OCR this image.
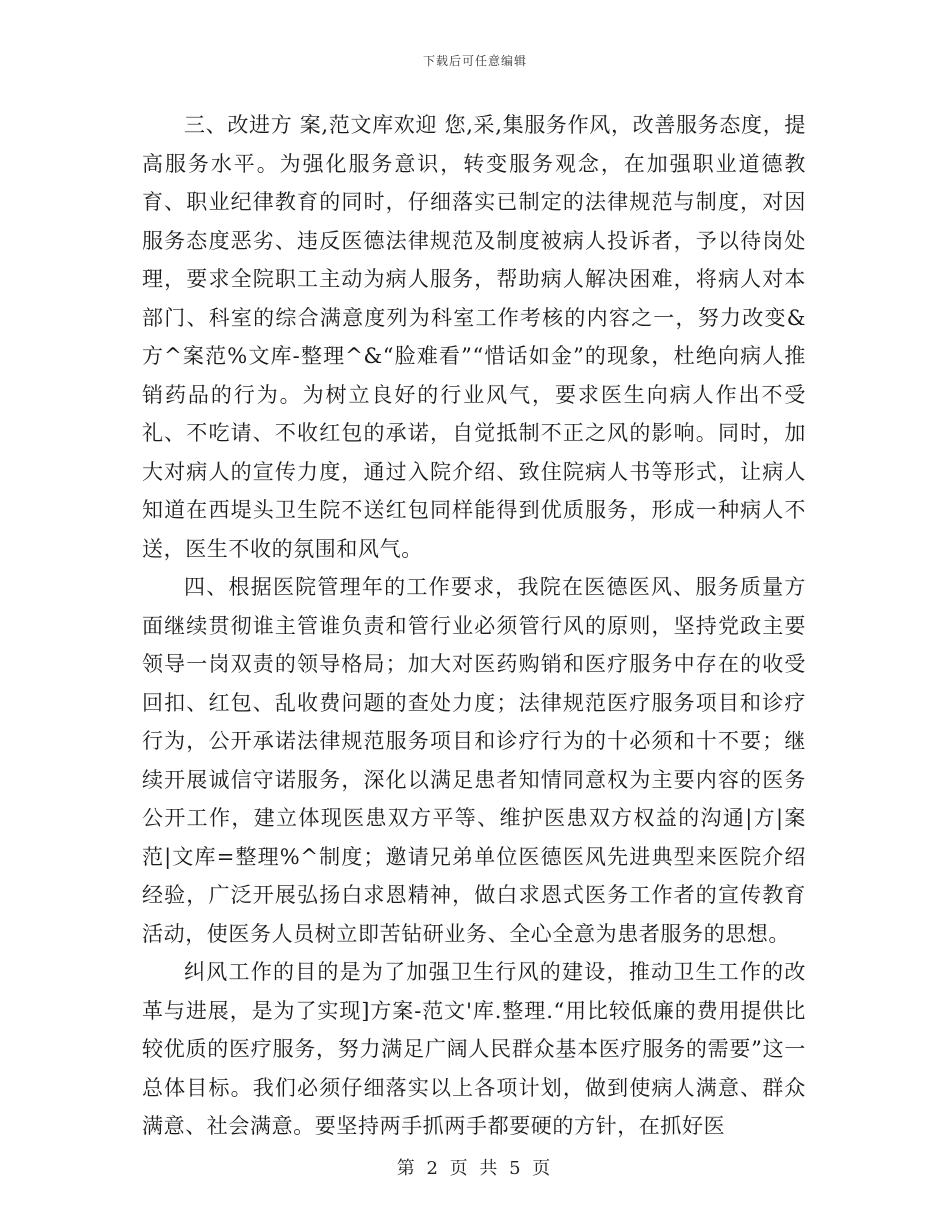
下载后可任意编辑

三、改进方 案,范文库欢迎 您,采,集服务作风，改善服务态度，提高服务水平。为强化服务意识，转变服务观念，在加强职业道德教育、职业纪律教育的同时，仔细落实已制定的法律规范与制度，对因服务态度恶劣、违反医德法律规范及制度被病人投诉者，予以待岗处理，要求全院职工主动为病人服务，帮助病人解决困难，将病人对本部门、科室的综合满意度列为科室工作考核的内容之一，努力改变&方^案范%文库-整理^&“脸难看”“惜话如金”的现象，杜绝向病人推销药品的行为。为树立良好的行业风气，要求医生向病人作出不受礼、不吃请、不收红包的承诺，自觉抵制不正之风的影响。同时，加大对病人的宣传力度，通过入院介绍、致住院病人书等形式，让病人知道在西堤头卫生院不送红包同样能得到优质服务，形成一种病人不送，医生不收的氛围和风气。

四、根据医院管理年的工作要求，我院在医德医风、服务质量方面继续贯彻谁主管谁负责和管行业必须管行风的原则，坚持党政主要领导一岗双责的领导格局；加大对医药购销和医疗服务中存在的收受回扣、红包、乱收费问题的查处力度；法律规范医疗服务项目和诊疗行为，公开承诺法律规范服务项目和诊疗行为的十必须和十不要；继续开展诚信守诺服务，深化以满足患者知情同意权为主要内容的医务公开工作，建立体现医患双方平等、维护医患双方权益的沟通|方|案范|文库=整理%^制度；邀请兄弟单位医德医风先进典型来医院介绍经验，广泛开展弘扬白求恩精神，做白求恩式医务工作者的宣传教育活动，使医务人员树立即苦钻研业务、全心全意为患者服务的思想。

纠风工作的目的是为了加强卫生行风的建设，推动卫生工作的改革与进展，是为了实现]方案-范文'库.整理.“用比较低廉的费用提供比较优质的医疗服务，努力满足广阔人民群众基本医疗服务的需要”这一总体目标。我们必须仔细落实以上各项计划，做到使病人满意、群众满意、社会满意。要坚持两手抓两手都要硬的方针，在抓好医

第 2 页 共 5 页
